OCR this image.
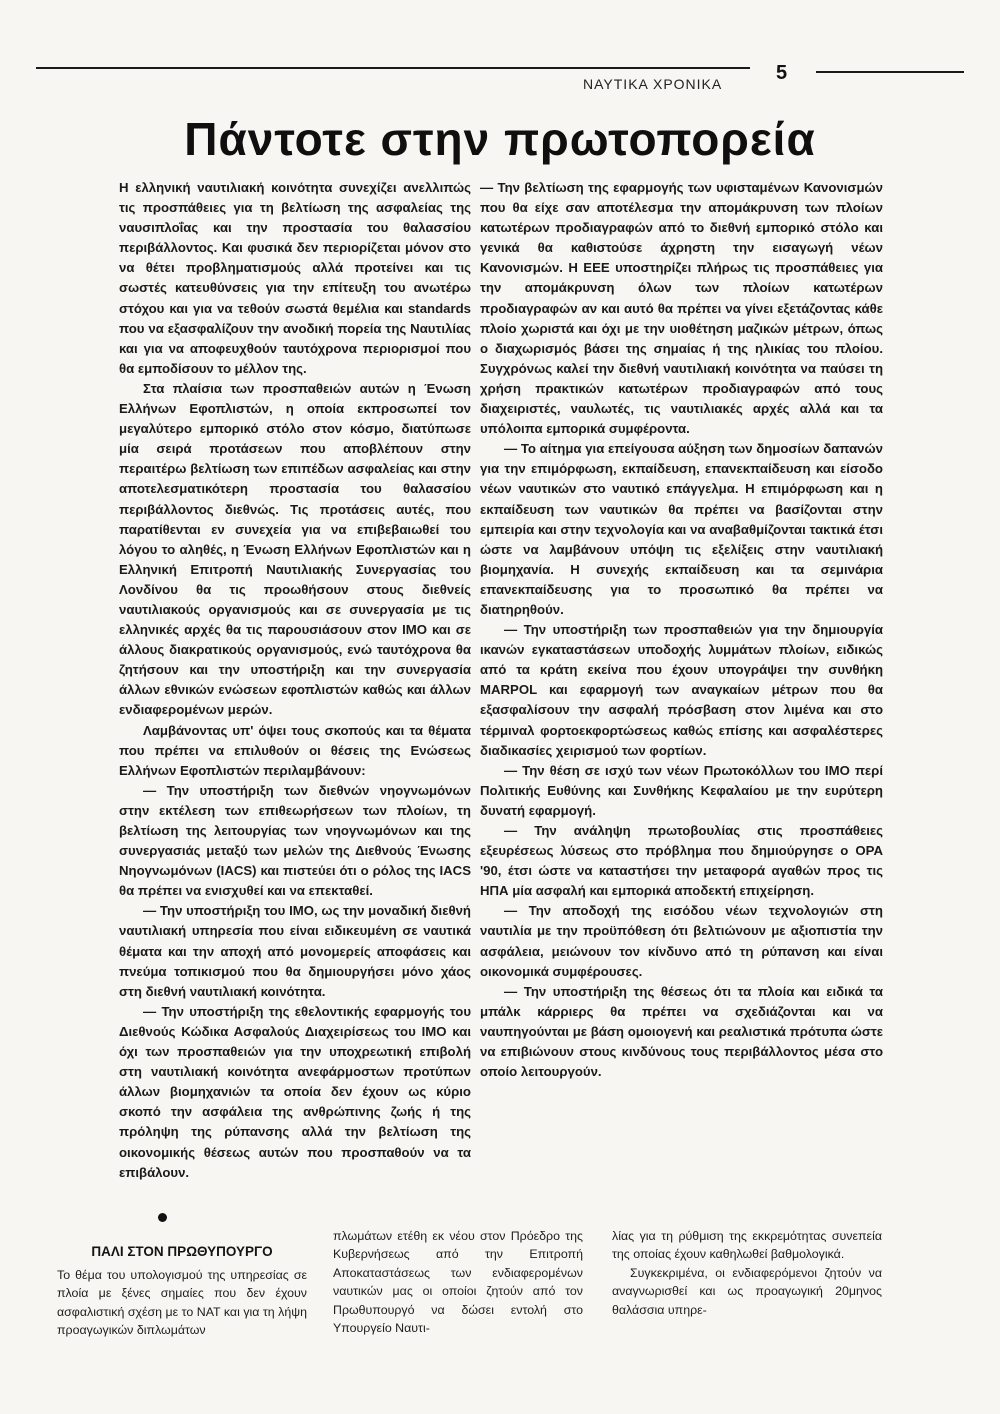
ΝΑΥΤΙΚΑ ΧΡΟΝΙΚΑ	5
Πάντοτε στην πρωτοπορεία

Η ελληνική ναυτιλιακή κοινότητα συνεχίζει ανελλιπώς τις προσπάθειες για τη βελτίωση της ασφαλείας της ναυσιπλοΐας και την προστασία του θαλασσίου περιβάλλοντος. Και φυσικά δεν περιορίζεται μόνον στο να θέτει προβληματισμούς αλλά προτείνει και τις σωστές κατευθύνσεις για την επίτευξη του ανωτέρω στόχου και για να τεθούν σωστά θεμέλια και standards που να εξασφαλίζουν την ανοδική πορεία της Ναυτιλίας και για να αποφευχθούν ταυτόχρονα περιορισμοί που θα εμποδίσουν το μέλλον της.

Στα πλαίσια των προσπαθειών αυτών η Ένωση Ελλήνων Εφοπλιστών, η οποία εκπροσωπεί τον μεγαλύτερο εμπορικό στόλο στον κόσμο, διατύπωσε μία σειρά προτάσεων που αποβλέπουν στην περαιτέρω βελτίωση των επιπέδων ασφαλείας και στην αποτελεσματικότερη προστασία του θαλασσίου περιβάλλοντος διεθνώς. Τις προτάσεις αυτές, που παρατίθενται εν συνεχεία για να επιβεβαιωθεί του λόγου το αληθές, η Ένωση Ελλήνων Εφοπλιστών και η Ελληνική Επιτροπή Ναυτιλιακής Συνεργασίας του Λονδίνου θα τις προωθήσουν στους διεθνείς ναυτιλιακούς οργανισμούς και σε συνεργασία με τις ελληνικές αρχές θα τις παρουσιάσουν στον ΙΜΟ και σε άλλους διακρατικούς οργανισμούς, ενώ ταυτόχρονα θα ζητήσουν και την υποστήριξη και την συνεργασία άλλων εθνικών ενώσεων εφοπλιστών καθώς και άλλων ενδιαφερομένων μερών.

Λαμβάνοντας υπ' όψει τους σκοπούς και τα θέματα που πρέπει να επιλυθούν οι θέσεις της Ενώσεως Ελλήνων Εφοπλιστών περιλαμβάνουν:

— Την υποστήριξη των διεθνών νηογνωμόνων στην εκτέλεση των επιθεωρήσεων των πλοίων, τη βελτίωση της λειτουργίας των νηογνωμόνων και της συνεργασιάς μεταξύ των μελών της Διεθνούς Ένωσης Νηογνωμόνων (IACS) και πιστεύει ότι ο ρόλος της IACS θα πρέπει να ενισχυθεί και να επεκταθεί.

— Την υποστήριξη του ΙΜΟ, ως την μοναδική διεθνή ναυτιλιακή υπηρεσία που είναι ειδικευμένη σε ναυτικά θέματα και την αποχή από μονομερείς αποφάσεις και πνεύμα τοπικισμού που θα δημιουργήσει μόνο χάος στη διεθνή ναυτιλιακή κοινότητα.

— Την υποστήριξη της εθελοντικής εφαρμογής του Διεθνούς Κώδικα Ασφαλούς Διαχειρίσεως του ΙΜΟ και όχι των προσπαθειών για την υποχρεωτική επιβολή στη ναυτιλιακή κοινότητα ανεφάρμοστων προτύπων άλλων βιομηχανιών τα οποία δεν έχουν ως κύριο σκοπό την ασφάλεια της ανθρώπινης ζωής ή της πρόληψη της ρύπανσης αλλά την βελτίωση της οικονομικής θέσεως αυτών που προσπαθούν να τα επιβάλουν.

— Την βελτίωση της εφαρμογής των υφισταμένων Κανονισμών που θα είχε σαν αποτέλεσμα την απομάκρυνση των πλοίων κατωτέρων προδιαγραφών από το διεθνή εμπορικό στόλο και γενικά θα καθιστούσε άχρηστη την εισαγωγή νέων Κανονισμών. Η ΕΕΕ υποστηρίζει πλήρως τις προσπάθειες για την απομάκρυνση όλων των πλοίων κατωτέρων προδιαγραφών αν και αυτό θα πρέπει να γίνει εξετάζοντας κάθε πλοίο χωριστά και όχι με την υιοθέτηση μαζικών μέτρων, όπως ο διαχωρισμός βάσει της σημαίας ή της ηλικίας του πλοίου. Συγχρόνως καλεί την διεθνή ναυτιλιακή κοινότητα να παύσει τη χρήση πρακτικών κατωτέρων προδιαγραφών από τους διαχειριστές, ναυλωτές, τις ναυτιλιακές αρχές αλλά και τα υπόλοιπα εμπορικά συμφέροντα.

— Το αίτημα για επείγουσα αύξηση των δημοσίων δαπανών για την επιμόρφωση, εκπαίδευση, επανεκπαίδευση και είσοδο νέων ναυτικών στο ναυτικό επάγγελμα. Η επιμόρφωση και η εκπαίδευση των ναυτικών θα πρέπει να βασίζονται στην εμπειρία και στην τεχνολογία και να αναβαθμίζονται τακτικά έτσι ώστε να λαμβάνουν υπόψη τις εξελίξεις στην ναυτιλιακή βιομηχανία. Η συνεχής εκπαίδευση και τα σεμινάρια επανεκπαίδευσης για το προσωπικό θα πρέπει να διατηρηθούν.

— Την υποστήριξη των προσπαθειών για την δημιουργία ικανών εγκαταστάσεων υποδοχής λυμμάτων πλοίων, ειδικώς από τα κράτη εκείνα που έχουν υπογράψει την συνθήκη MARPOL και εφαρμογή των αναγκαίων μέτρων που θα εξασφαλίσουν την ασφαλή πρόσβαση στον λιμένα και στο τέρμιναλ φορτοεκφορτώσεως καθώς επίσης και ασφαλέστερες διαδικασίες χειρισμού των φορτίων.

— Την θέση σε ισχύ των νέων Πρωτοκόλλων του ΙΜΟ περί Πολιτικής Ευθύνης και Συνθήκης Κεφαλαίου με την ευρύτερη δυνατή εφαρμογή.

— Την ανάληψη πρωτοβουλίας στις προσπάθειες εξευρέσεως λύσεως στο πρόβλημα που δημιούργησε ο ΟΡΑ '90, έτσι ώστε να καταστήσει την μεταφορά αγαθών προς τις ΗΠΑ μία ασφαλή και εμπορικά αποδεκτή επιχείρηση.

— Την αποδοχή της εισόδου νέων τεχνολογιών στη ναυτιλία με την προϋπόθεση ότι βελτιώνουν με αξιοπιστία την ασφάλεια, μειώνουν τον κίνδυνο από τη ρύπανση και είναι οικονομικά συμφέρουσες.

— Την υποστήριξη της θέσεως ότι τα πλοία και ειδικά τα μπάλκ κάρριερς θα πρέπει να σχεδιάζονται και να ναυπηγούνται με βάση ομοιογενή και ρεαλιστικά πρότυπα ώστε να επιβιώνουν στους κινδύνους τους περιβάλλοντος μέσα στο οποίο λειτουργούν.

ΠΑΛΙ ΣΤΟΝ ΠΡΩΘΥΠΟΥΡΓΟ

Το θέμα του υπολογισμού της υπηρεσίας σε πλοία με ξένες σημαίες που δεν έχουν ασφαλιστική σχέση με το ΝΑΤ και για τη λήψη προαγωγικών διπλωμάτων

πλωμάτων ετέθη εκ νέου στον Πρόεδρο της Κυβερνήσεως από την Επιτροπή Αποκαταστάσεως των ενδιαφερομένων ναυτικών μας οι οποίοι ζητούν από τον Πρωθυπουργό να δώσει εντολή στο Υπουργείο Ναυτι-

λίας για τη ρύθμιση της εκκρεμότητας συνεπεία της οποίας έχουν καθηλωθεί βαθμολογικά.

Συγκεκριμένα, οι ενδιαφερόμενοι ζητούν να αναγνωρισθεί και ως προαγωγική 20μηνος θαλάσσια υπηρε-
